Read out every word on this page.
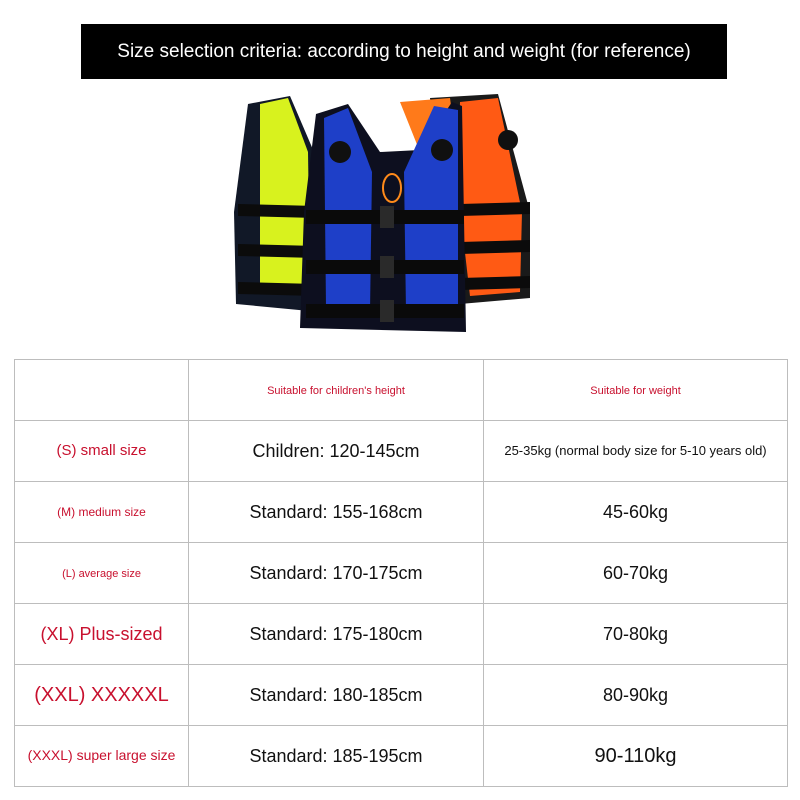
Size selection criteria: according to height and weight (for reference)
	Suitable for children's height	Suitable for weight
(S) small size	Children: 120-145cm	25-35kg (normal body size for 5-10 years old)
(M) medium size	Standard: 155-168cm	45-60kg
(L) average size	Standard: 170-175cm	60-70kg
(XL) Plus-sized	Standard: 175-180cm	70-80kg
(XXL) XXXXXL	Standard: 180-185cm	80-90kg
(XXXL) super large size	Standard: 185-195cm	90-110kg
